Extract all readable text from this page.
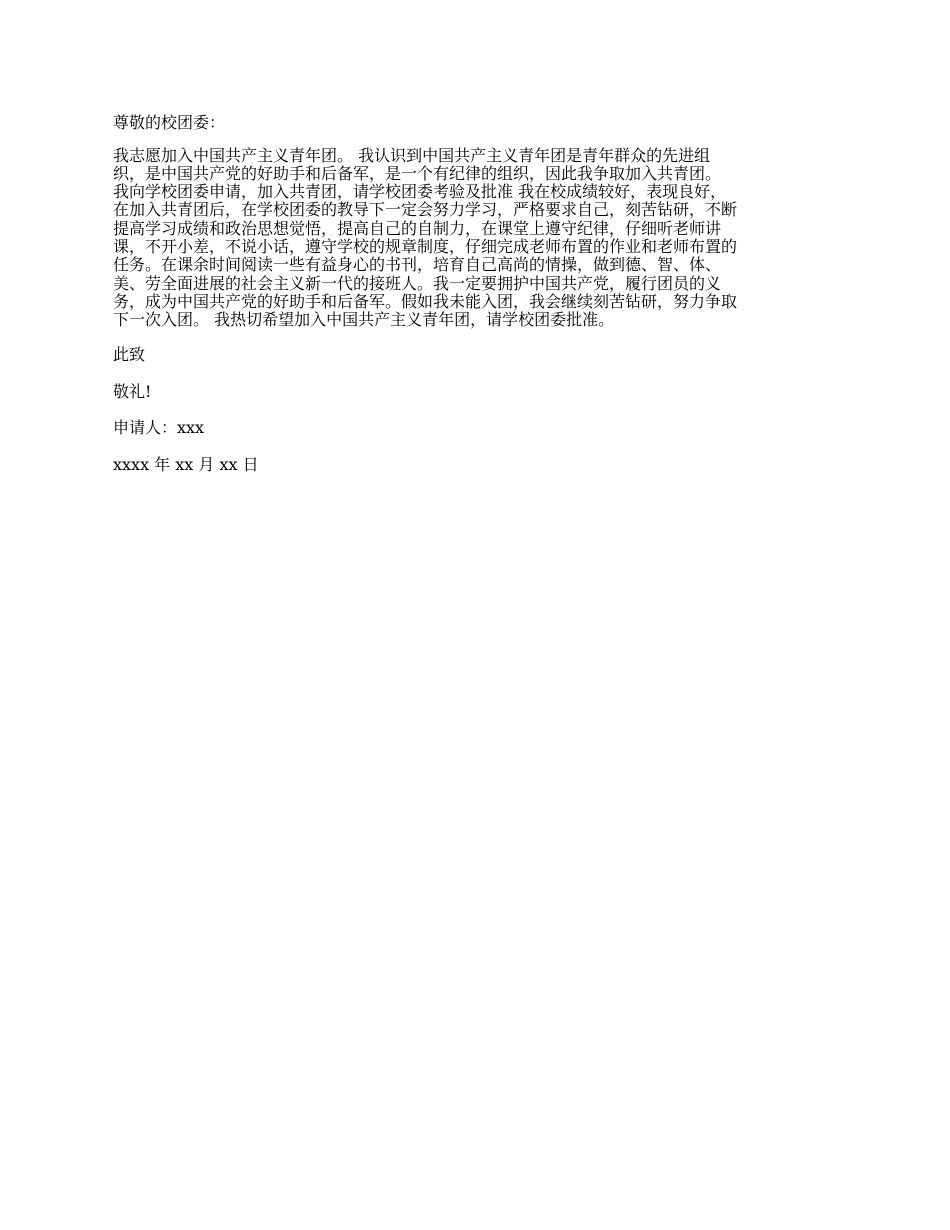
尊敬的校团委：

我志愿加入中国共产主义青年团。 我认识到中国共产主义青年团是青年群众的先进组
织，是中国共产党的好助手和后备军，是一个有纪律的组织，因此我争取加入共青团。
我向学校团委申请，加入共青团，请学校团委考验及批准 我在校成绩较好，表现良好，
在加入共青团后，在学校团委的教导下一定会努力学习，严格要求自己，刻苦钻研，不断
提高学习成绩和政治思想觉悟，提高自己的自制力，在课堂上遵守纪律，仔细听老师讲
课，不开小差，不说小话，遵守学校的规章制度，仔细完成老师布置的作业和老师布置的
任务。在课余时间阅读一些有益身心的书刊，培育自己高尚的情操，做到德、智、体、
美、劳全面进展的社会主义新一代的接班人。我一定要拥护中国共产党，履行团员的义
务，成为中国共产党的好助手和后备军。假如我未能入团，我会继续刻苦钻研，努力争取
下一次入团。 我热切希望加入中国共产主义青年团，请学校团委批准。

此致

敬礼!

申请人：xxx

xxxx 年 xx 月 xx 日
